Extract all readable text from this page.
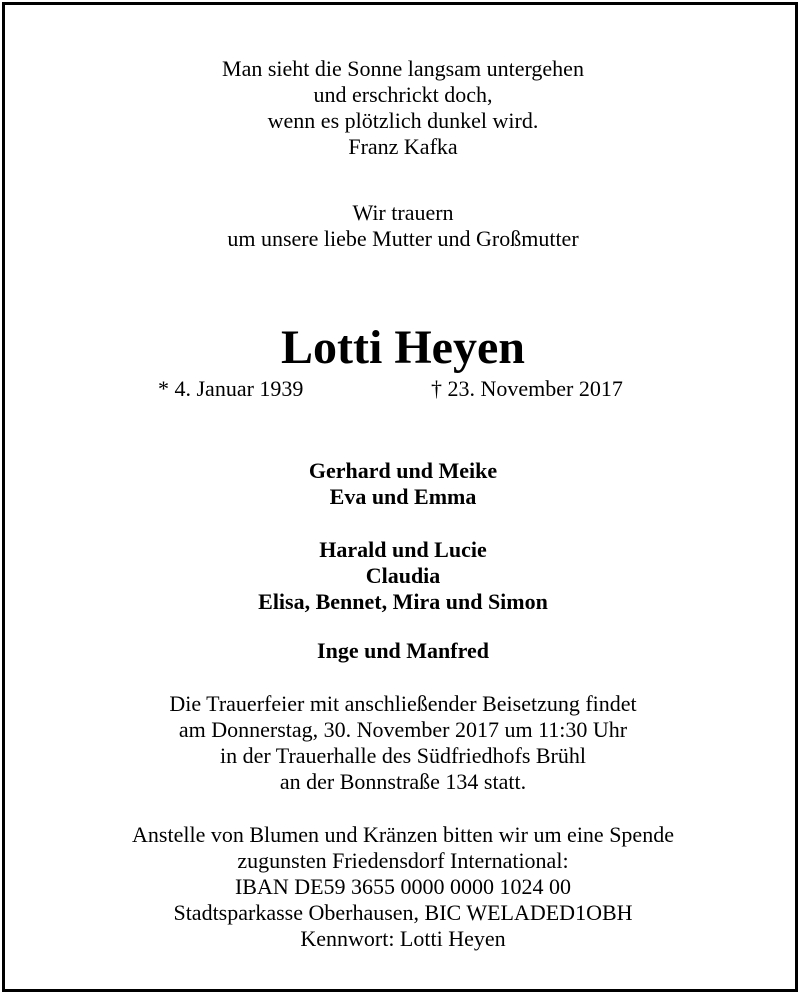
Man sieht die Sonne langsam untergehen
und erschrickt doch,
wenn es plötzlich dunkel wird.
Franz Kafka
Wir trauern
um unsere liebe Mutter und Großmutter
Lotti Heyen
* 4. Januar 1939	† 23. November 2017
Gerhard und Meike
Eva und Emma
Harald und Lucie
Claudia
Elisa, Bennet, Mira und Simon
Inge und Manfred
Die Trauerfeier mit anschließender Beisetzung findet
am Donnerstag, 30. November 2017 um 11:30 Uhr
in der Trauerhalle des Südfriedhofs Brühl
an der Bonnstraße 134 statt.
Anstelle von Blumen und Kränzen bitten wir um eine Spende
zugunsten Friedensdorf International:
IBAN DE59 3655 0000 0000 1024 00
Stadtsparkasse Oberhausen, BIC WELADED1OBH
Kennwort: Lotti Heyen
